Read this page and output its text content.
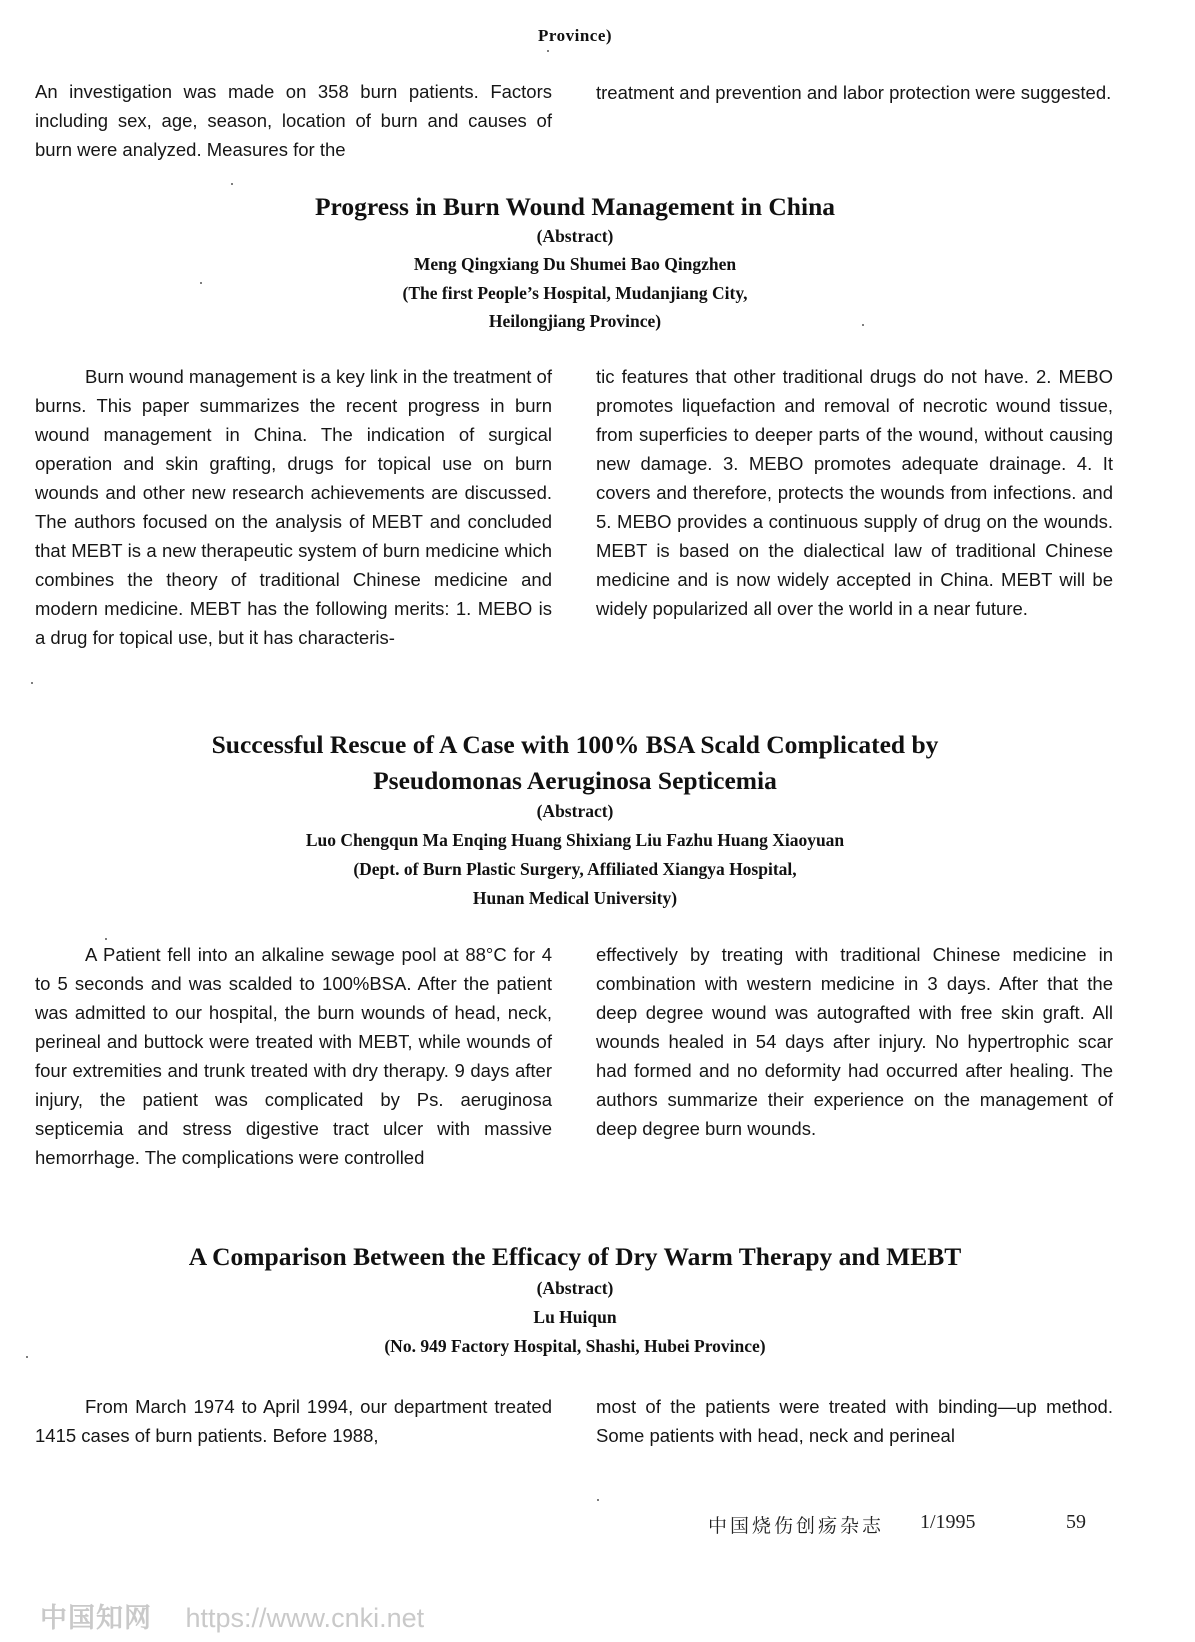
Province)
An investigation was made on 358 burn patients. Factors including sex, age, season, location of burn and causes of burn were analyzed. Measures for the
treatment and prevention and labor protection were suggested.
Progress in Burn Wound Management in China
(Abstract)
Meng Qingxiang Du Shumei Bao Qingzhen
(The first People’s Hospital, Mudanjiang City,
Heilongjiang Province)
Burn wound management is a key link in the treatment of burns. This paper summarizes the recent progress in burn wound management in China. The indication of surgical operation and skin grafting, drugs for topical use on burn wounds and other new research achievements are discussed. The authors focused on the analysis of MEBT and concluded that MEBT is a new therapeutic system of burn medicine which combines the theory of traditional Chinese medicine and modern medicine. MEBT has the following merits: 1. MEBO is a drug for topical use, but it has characteris-
tic features that other traditional drugs do not have. 2. MEBO promotes liquefaction and removal of necrotic wound tissue, from superficies to deeper parts of the wound, without causing new damage. 3. MEBO promotes adequate drainage. 4. It covers and therefore, protects the wounds from infections. and 5. MEBO provides a continuous supply of drug on the wounds. MEBT is based on the dialectical law of traditional Chinese medicine and is now widely accepted in China. MEBT will be widely popularized all over the world in a near future.
Successful Rescue of A Case with 100% BSA Scald Complicated by
Pseudomonas Aeruginosa Septicemia
(Abstract)
Luo Chengqun Ma Enqing Huang Shixiang Liu Fazhu Huang Xiaoyuan
(Dept. of Burn Plastic Surgery, Affiliated Xiangya Hospital,
Hunan Medical University)
A Patient fell into an alkaline sewage pool at 88°C for 4 to 5 seconds and was scalded to 100%BSA. After the patient was admitted to our hospital, the burn wounds of head, neck, perineal and buttock were treated with MEBT, while wounds of four extremities and trunk treated with dry therapy. 9 days after injury, the patient was complicated by Ps. aeruginosa septicemia and stress digestive tract ulcer with massive hemorrhage. The complications were controlled
effectively by treating with traditional Chinese medicine in combination with western medicine in 3 days. After that the deep degree wound was autografted with free skin graft. All wounds healed in 54 days after injury. No hypertrophic scar had formed and no deformity had occurred after healing. The authors summarize their experience on the management of deep degree burn wounds.
A Comparison Between the Efficacy of Dry Warm Therapy and MEBT
(Abstract)
Lu Huiqun
(No. 949 Factory Hospital, Shashi, Hubei Province)
From March 1974 to April 1994, our department treated 1415 cases of burn patients. Before 1988,
most of the patients were treated with binding—up method. Some patients with head, neck and perineal
中国烧伤创疡杂志 1/1995	59
中国知网 https://www.cnki.net
